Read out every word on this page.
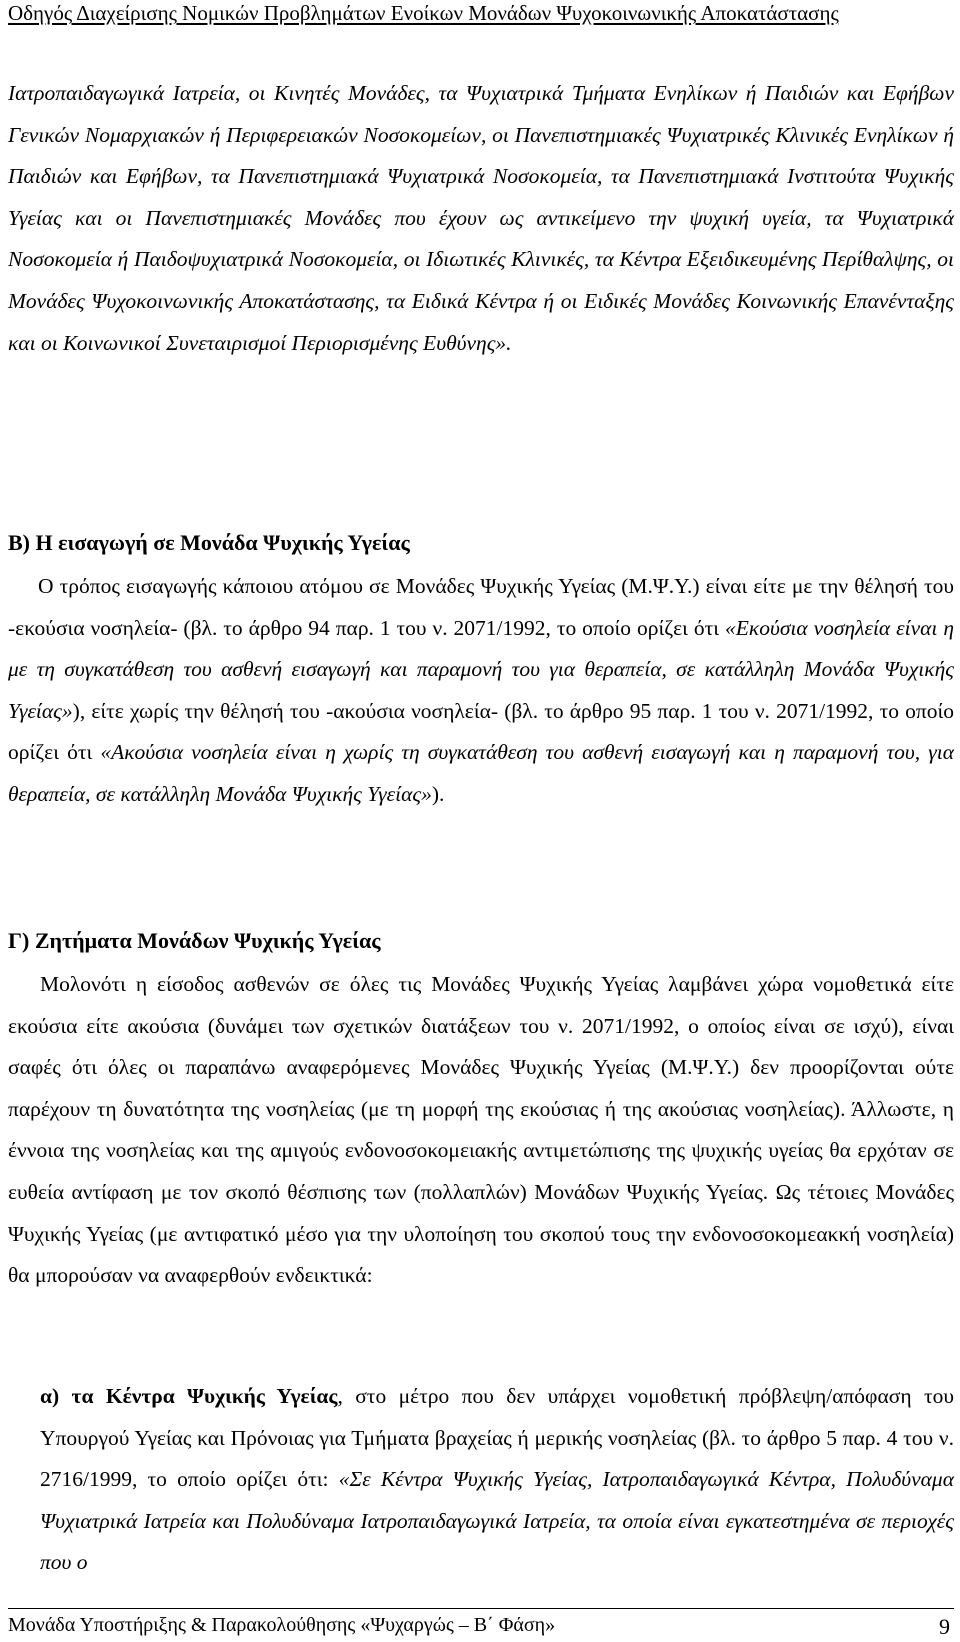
Οδηγός Διαχείρισης Νομικών Προβλημάτων Ενοίκων Μονάδων Ψυχοκοινωνικής Αποκατάστασης
Ιατροπαιδαγωγικά Ιατρεία, οι Κινητές Μονάδες, τα Ψυχιατρικά Τμήματα Ενηλίκων ή Παιδιών και Εφήβων Γενικών Νομαρχιακών ή Περιφερειακών Νοσοκομείων, οι Πανεπιστημιακές Ψυχιατρικές Κλινικές Ενηλίκων ή Παιδιών και Εφήβων, τα Πανεπιστημιακά Ψυχιατρικά Νοσοκομεία, τα Πανεπιστημιακά Ινστιτούτα Ψυχικής Υγείας και οι Πανεπιστημιακές Μονάδες που έχουν ως αντικείμενο την ψυχική υγεία, τα Ψυχιατρικά Νοσοκομεία ή Παιδοψυχιατρικά Νοσοκομεία, οι Ιδιωτικές Κλινικές, τα Κέντρα Εξειδικευμένης Περίθαλψης, οι Μονάδες Ψυχοκοινωνικής Αποκατάστασης, τα Ειδικά Κέντρα ή οι Ειδικές Μονάδες Κοινωνικής Επανένταξης και οι Κοινωνικοί Συνεταιρισμοί Περιορισμένης Ευθύνης».
Β) Η εισαγωγή σε Μονάδα Ψυχικής Υγείας
Ο τρόπος εισαγωγής κάποιου ατόμου σε Μονάδες Ψυχικής Υγείας (Μ.Ψ.Υ.) είναι είτε με την θέλησή του -εκούσια νοσηλεία- (βλ. το άρθρο 94 παρ. 1 του ν. 2071/1992, το οποίο ορίζει ότι «Εκούσια νοσηλεία είναι η με τη συγκατάθεση του ασθενή εισαγωγή και παραμονή του για θεραπεία, σε κατάλληλη Μονάδα Ψυχικής Υγείας»), είτε χωρίς την θέλησή του -ακούσια νοσηλεία- (βλ. το άρθρο 95 παρ. 1 του ν. 2071/1992, το οποίο ορίζει ότι «Ακούσια νοσηλεία είναι η χωρίς τη συγκατάθεση του ασθενή εισαγωγή και η παραμονή του, για θεραπεία, σε κατάλληλη Μονάδα Ψυχικής Υγείας»).
Γ) Ζητήματα Μονάδων Ψυχικής Υγείας
Μολονότι η είσοδος ασθενών σε όλες τις Μονάδες Ψυχικής Υγείας λαμβάνει χώρα νομοθετικά είτε εκούσια είτε ακούσια (δυνάμει των σχετικών διατάξεων του ν. 2071/1992, ο οποίος είναι σε ισχύ), είναι σαφές ότι όλες οι παραπάνω αναφερόμενες Μονάδες Ψυχικής Υγείας (Μ.Ψ.Υ.) δεν προορίζονται ούτε παρέχουν τη δυνατότητα της νοσηλείας (με τη μορφή της εκούσιας ή της ακούσιας νοσηλείας). Άλλωστε, η έννοια της νοσηλείας και της αμιγούς ενδονοσοκομειακής αντιμετώπισης της ψυχικής υγείας θα ερχόταν σε ευθεία αντίφαση με τον σκοπό θέσπισης των (πολλαπλών) Μονάδων Ψυχικής Υγείας. Ως τέτοιες Μονάδες Ψυχικής Υγείας (με αντιφατικό μέσο για την υλοποίηση του σκοπού τους την ενδονοσοκομεακκή νοσηλεία) θα μπορούσαν να αναφερθούν ενδεικτικά:
α) τα Κέντρα Ψυχικής Υγείας, στο μέτρο που δεν υπάρχει νομοθετική πρόβλεψη/απόφαση του Υπουργού Υγείας και Πρόνοιας για Τμήματα βραχείας ή μερικής νοσηλείας (βλ. το άρθρο 5 παρ. 4 του ν. 2716/1999, το οποίο ορίζει ότι: «Σε Κέντρα Ψυχικής Υγείας, Ιατροπαιδαγωγικά Κέντρα, Πολυδύναμα Ψυχιατρικά Ιατρεία και Πολυδύναμα Ιατροπαιδαγωγικά Ιατρεία, τα οποία είναι εγκατεστημένα σε περιοχές που ο
Μονάδα Υποστήριξης & Παρακολούθησης «Ψυχαργώς – Β΄ Φάση»	9
